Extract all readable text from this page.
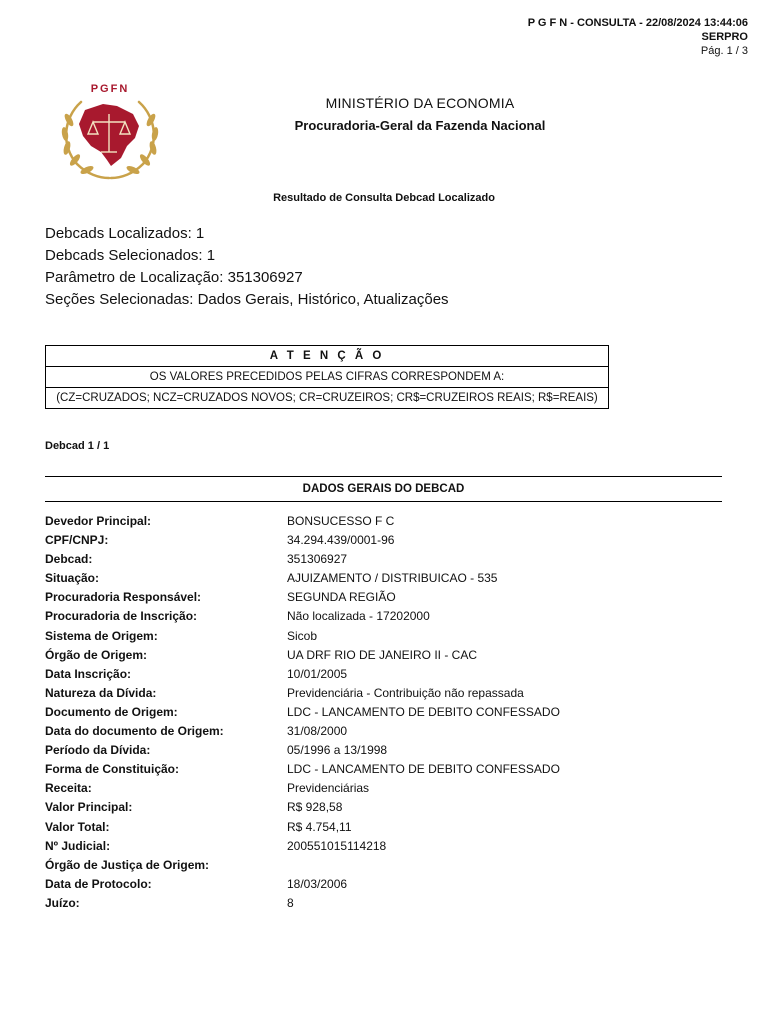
P G F N - CONSULTA - 22/08/2024 13:44:06
SERPRO
Pág. 1 / 3
PGFN
MINISTÉRIO DA ECONOMIA
Procuradoria-Geral da Fazenda Nacional
Resultado de Consulta Debcad Localizado
Debcads Localizados: 1
Debcads Selecionados: 1
Parâmetro de Localização: 351306927
Seções Selecionadas: Dados Gerais, Histórico, Atualizações
A T E N Ç Ã O
OS VALORES PRECEDIDOS PELAS CIFRAS CORRESPONDEM A:
(CZ=CRUZADOS; NCZ=CRUZADOS NOVOS; CR=CRUZEIROS; CR$=CRUZEIROS REAIS; R$=REAIS)
Debcad 1 / 1
DADOS GERAIS DO DEBCAD
Devedor Principal:	BONSUCESSO F C
CPF/CNPJ:	34.294.439/0001-96
Debcad:	351306927
Situação:	AJUIZAMENTO / DISTRIBUICAO - 535
Procuradoria Responsável:	SEGUNDA REGIÃO
Procuradoria de Inscrição:	Não localizada - 17202000
Sistema de Origem:	Sicob
Órgão de Origem:	UA DRF RIO DE JANEIRO II - CAC
Data Inscrição:	10/01/2005
Natureza da Dívida:	Previdenciária - Contribuição não repassada
Documento de Origem:	LDC - LANCAMENTO DE DEBITO CONFESSADO
Data do documento de Origem:	31/08/2000
Período da Dívida:	05/1996 a 13/1998
Forma de Constituição:	LDC - LANCAMENTO DE DEBITO CONFESSADO
Receita:	Previdenciárias
Valor Principal:	R$ 928,58
Valor Total:	R$ 4.754,11
Nº Judicial:	200551015114218
Órgão de Justiça de Origem:
Data de Protocolo:	18/03/2006
Juízo:	8
